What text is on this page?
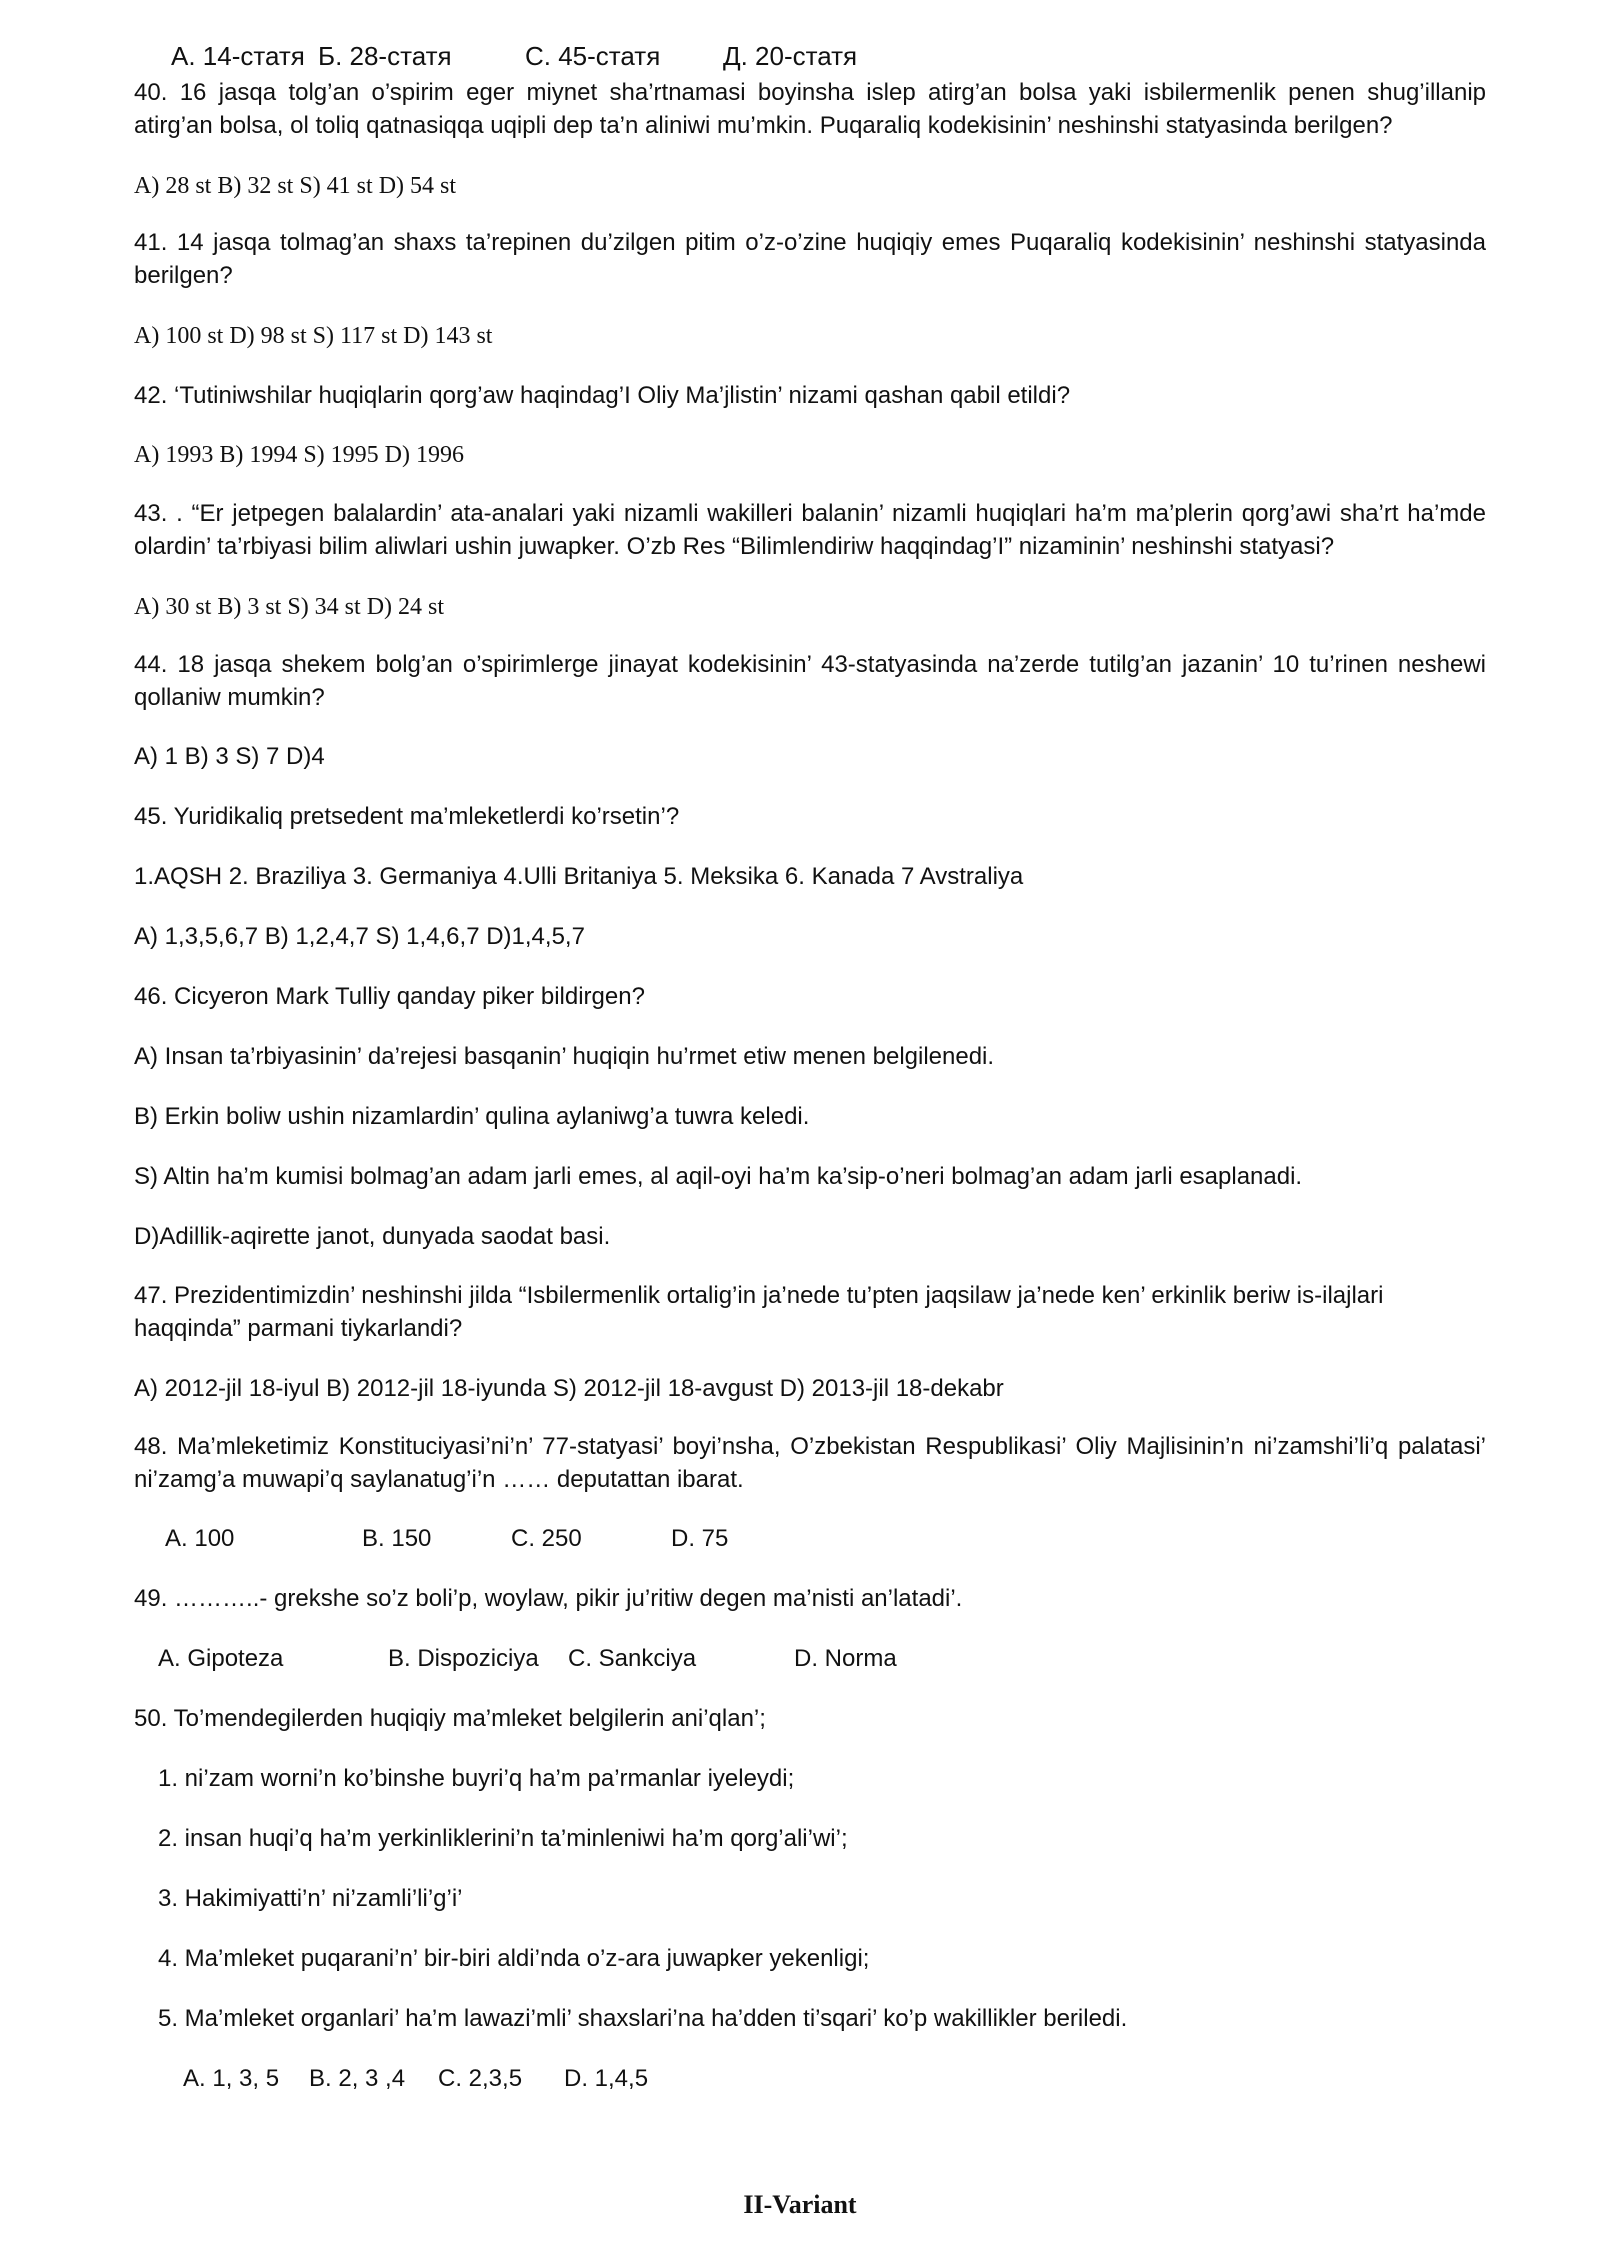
А. 14-статя Б. 28-статя	С. 45-статя Д. 20-статя
40. 16 jasqa tolg’an o’spirim eger miynet sha’rtnamasi boyinsha islep atirg’an bolsa yaki isbilermenlik penen shug’illanip atirg’an bolsa, ol toliq qatnasiqqa uqipli dep ta’n aliniwi mu’mkin. Puqaraliq kodekisinin’ neshinshi statyasinda berilgen?
A) 28 st B) 32 st S) 41 st D) 54 st
41. 14 jasqa tolmag’an shaxs ta’repinen du’zilgen pitim o’z-o’zine huqiqiy emes Puqaraliq kodekisinin’ neshinshi statyasinda berilgen?
A) 100 st D) 98 st S) 117 st D) 143 st
42. ‘Tutiniwshilar huqiqlarin qorg’aw haqindag’I Oliy Ma’jlistin’ nizami qashan qabil etildi?
A) 1993 B) 1994 S) 1995 D) 1996
43. . “Er jetpegen balalardin’ ata-analari yaki nizamli wakilleri balanin’ nizamli huqiqlari ha’m ma’plerin qorg’awi sha’rt ha’mde olardin’ ta’rbiyasi bilim aliwlari ushin juwapker. O’zb Res “Bilimlendiriw haqqindag’I” nizaminin’ neshinshi statyasi?
A) 30 st B) 3 st S) 34 st D) 24 st
44. 18 jasqa shekem bolg’an o’spirimlerge jinayat kodekisinin’ 43-statyasinda na’zerde tutilg’an jazanin’ 10 tu’rinen neshewi qollaniw mumkin?
A) 1 B) 3 S) 7 D)4
45. Yuridikaliq pretsedent ma’mleketlerdi ko’rsetin’?
1.AQSH 2. Braziliya 3. Germaniya 4.Ulli Britaniya 5. Meksika 6. Kanada 7 Avstraliya
A) 1,3,5,6,7 B) 1,2,4,7 S) 1,4,6,7 D)1,4,5,7
46. Cicyeron Mark Tulliy qanday piker bildirgen?
A) Insan ta’rbiyasinin’ da’rejesi basqanin’ huqiqin hu’rmet etiw menen belgilenedi.
B) Erkin boliw ushin nizamlardin’ qulina aylaniwg’a tuwra keledi.
S) Altin ha’m kumisi bolmag’an adam jarli emes, al aqil-oyi ha’m ka’sip-o’neri bolmag’an adam jarli esaplanadi.
D)Adillik-aqirette janot, dunyada saodat basi.
47. Prezidentimizdin’ neshinshi jilda “Isbilermenlik ortalig’in ja’nede tu’pten jaqsilaw ja’nede ken’ erkinlik beriw is-ilajlari haqqinda” parmani tiykarlandi?
A) 2012-jil 18-iyul B) 2012-jil 18-iyunda S) 2012-jil 18-avgust D) 2013-jil 18-dekabr
48. Ma’mleketimiz Konstituciyasi’ni’n’ 77-statyasi’ boyi’nsha, O’zbekistan Respublikasi’ Oliy Majlisinin’n ni’zamshi’li’q palatasi’ ni’zamg’a muwapi’q saylanatug’i’n …… deputattan ibarat.
A. 100	B. 150	C. 250	D. 75
49. ………..- grekshe so’z boli’p, woylaw, pikir ju’ritiw degen ma’nisti an’latadi’.
A. Gipoteza	B. Dispoziciya C. Sankciya	D. Norma
50. To’mendegilerden huqiqiy ma’mleket belgilerin ani’qlan’;
1. ni’zam worni’n ko’binshe buyri’q ha’m pa’rmanlar iyeleydi;
2. insan huqi’q ha’m yerkinliklerini’n ta’minleniwi ha’m qorg’ali’wi’;
3. Hakimiyatti’n’ ni’zamli’li’g’i’
4. Ma’mleket puqarani’n’ bir-biri aldi’nda o’z-ara juwapker yekenligi;
5. Ma’mleket organlari’ ha’m lawazi’mli’ shaxslari’na ha’dden ti’sqari’ ko’p wakillikler beriledi.
A. 1, 3, 5 B. 2, 3 ,4 C. 2,3,5 D. 1,4,5
II-Variant
